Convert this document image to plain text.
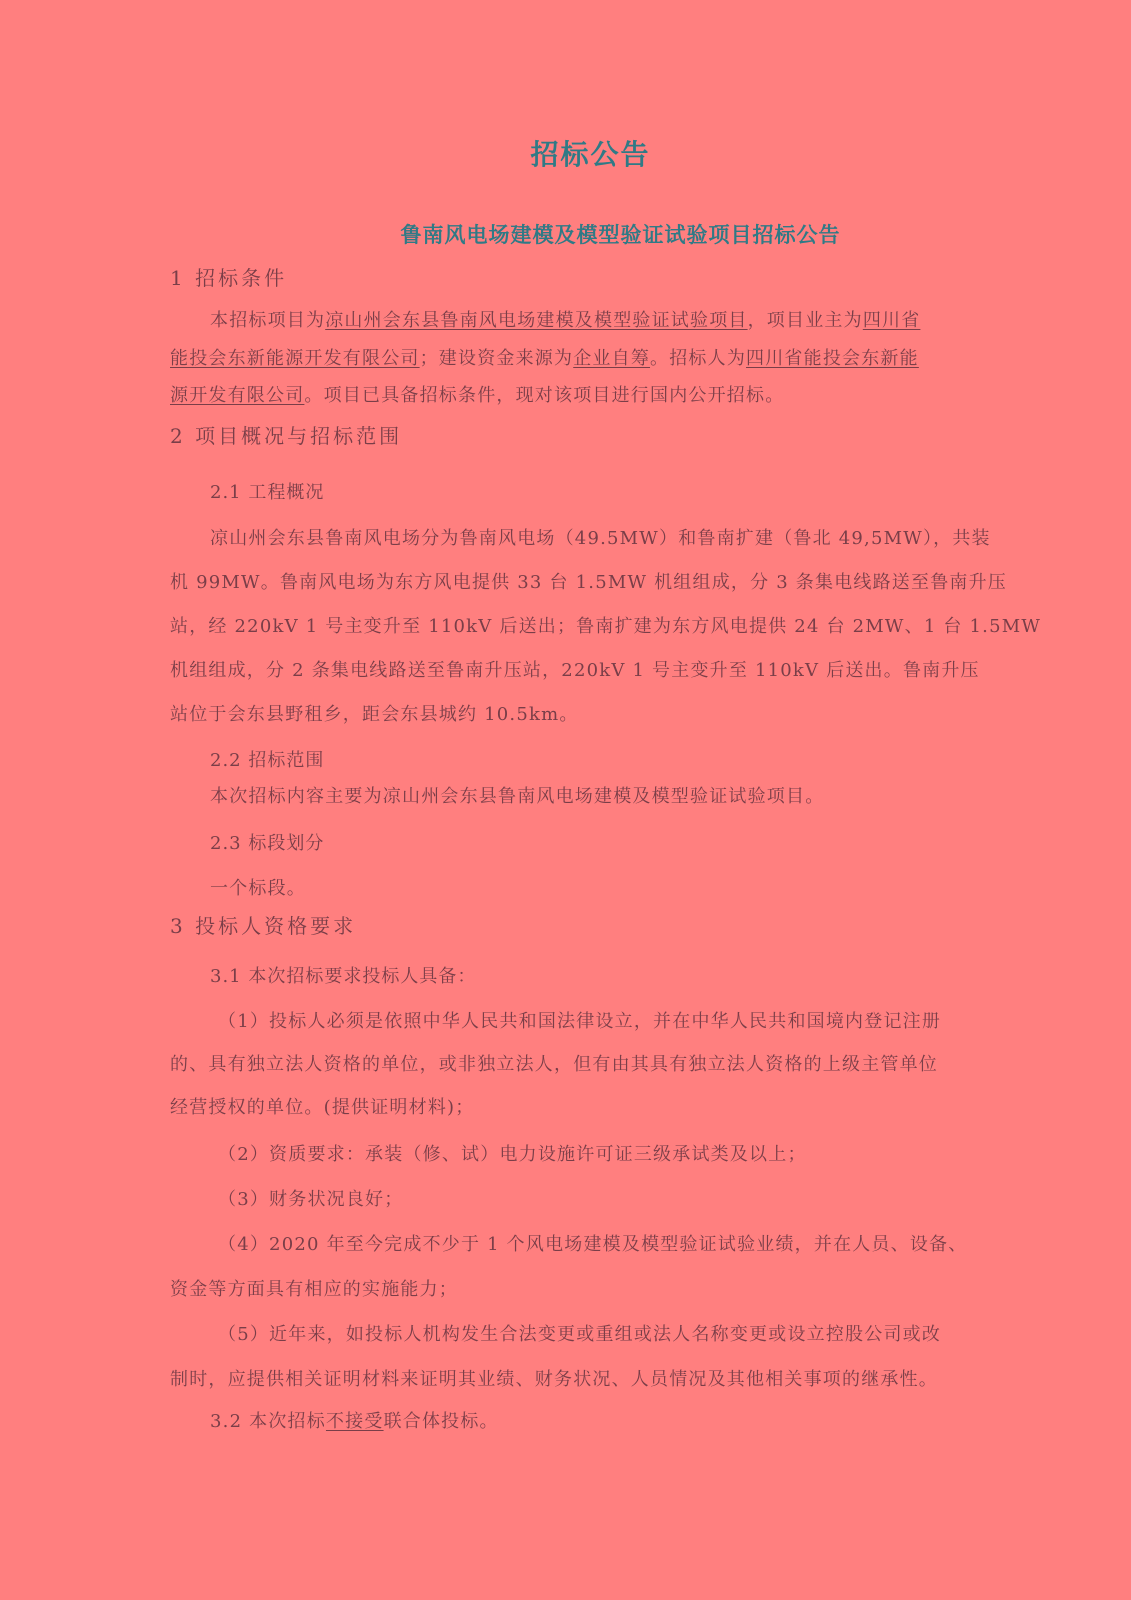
招标公告
鲁南风电场建模及模型验证试验项目招标公告
1 招标条件
本招标项目为凉山州会东县鲁南风电场建模及模型验证试验项目，项目业主为四川省
能投会东新能源开发有限公司；建设资金来源为企业自筹。招标人为四川省能投会东新能
源开发有限公司。项目已具备招标条件，现对该项目进行国内公开招标。
2 项目概况与招标范围
2.1 工程概况
凉山州会东县鲁南风电场分为鲁南风电场（49.5MW）和鲁南扩建（鲁北 49,5MW），共装
机 99MW。鲁南风电场为东方风电提供 33 台 1.5MW 机组组成，分 3 条集电线路送至鲁南升压
站，经 220kV 1 号主变升至 110kV 后送出；鲁南扩建为东方风电提供 24 台 2MW、1 台 1.5MW
机组组成，分 2 条集电线路送至鲁南升压站，220kV 1 号主变升至 110kV 后送出。鲁南升压
站位于会东县野租乡，距会东县城约 10.5km。
2.2 招标范围
本次招标内容主要为凉山州会东县鲁南风电场建模及模型验证试验项目。
2.3 标段划分
一个标段。
3 投标人资格要求
3.1 本次招标要求投标人具备：
（1）投标人必须是依照中华人民共和国法律设立，并在中华人民共和国境内登记注册
的、具有独立法人资格的单位，或非独立法人，但有由其具有独立法人资格的上级主管单位
经营授权的单位。(提供证明材料)；
（2）资质要求：承装（修、试）电力设施许可证三级承试类及以上；
（3）财务状况良好；
（4）2020 年至今完成不少于 1 个风电场建模及模型验证试验业绩，并在人员、设备、
资金等方面具有相应的实施能力；
（5）近年来，如投标人机构发生合法变更或重组或法人名称变更或设立控股公司或改
制时，应提供相关证明材料来证明其业绩、财务状况、人员情况及其他相关事项的继承性。
3.2 本次招标不接受联合体投标。
